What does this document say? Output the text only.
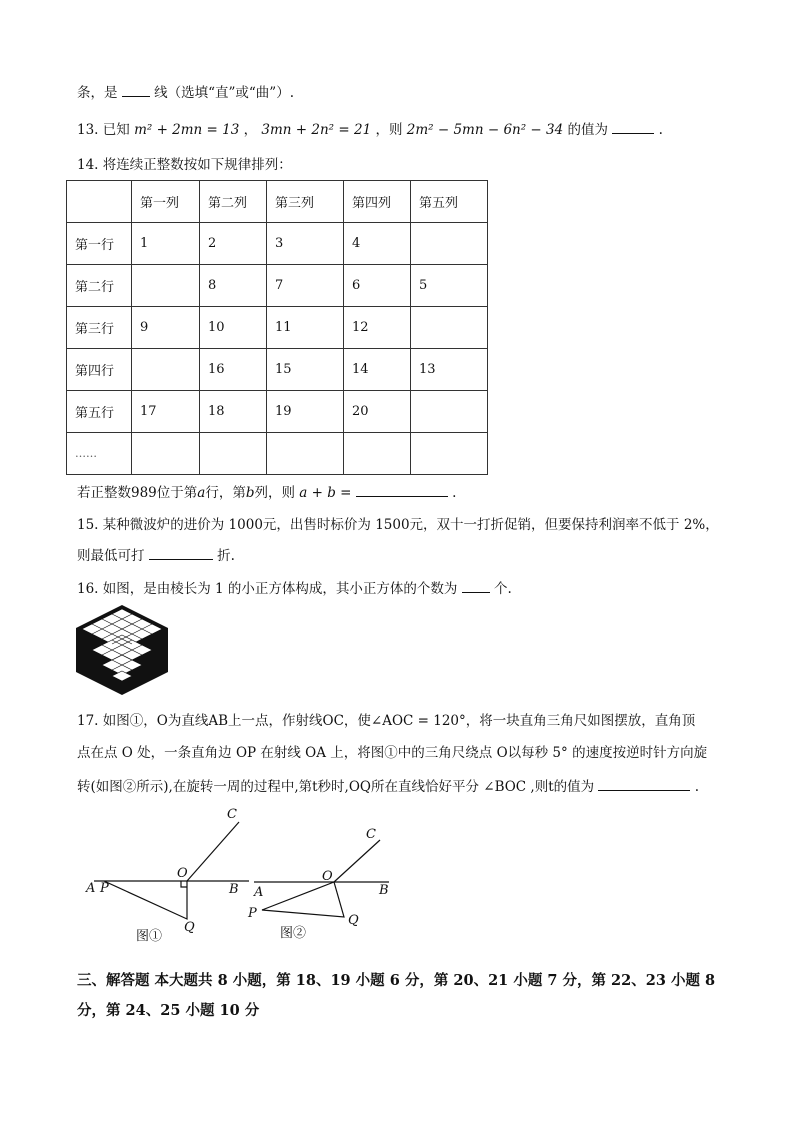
条，是	线（选填“直”或“曲”）.
13. 已知 m² + 2mn = 13 ， 3mn + 2n² = 21 ，则 2m² − 5mn − 6n² − 34 的值为	.
14. 将连续正整数按如下规律排列：
	第一列	第二列	第三列	第四列	第五列
第一行	1	2	3	4	
第二行		8	7	6	5
第三行	9	10	11	12	
第四行		16	15	14	13
第五行	17	18	19	20	
……					
若正整数989位于第a行，第b列，则 a + b =	.
15. 某种微波炉的进价为 1000元，出售时标价为 1500元，双十一打折促销，但要保持利润率不低于 2%，
则最低可打	折.
16. 如图，是由棱长为 1 的小正方体构成，其小正方体的个数为	个.
17. 如图①，O为直线AB上一点，作射线OC，使∠AOC = 120°，将一块直角三角尺如图摆放，直角顶
点在点 O 处，一条直角边 OP 在射线 OA 上，将图①中的三角尺绕点 O以每秒 5° 的速度按逆时针方向旋
转(如图②所示),在旋转一周的过程中,第t秒时,OQ所在直线恰好平分 ∠BOC ,则t的值为	.
A P
O
B
C
Q
图①
A
P
O
B
C
Q
图②
三、解答题 本大题共 8 小题，第 18、19 小题 6 分，第 20、21 小题 7 分，第 22、23 小题 8
分，第 24、25 小题 10 分
